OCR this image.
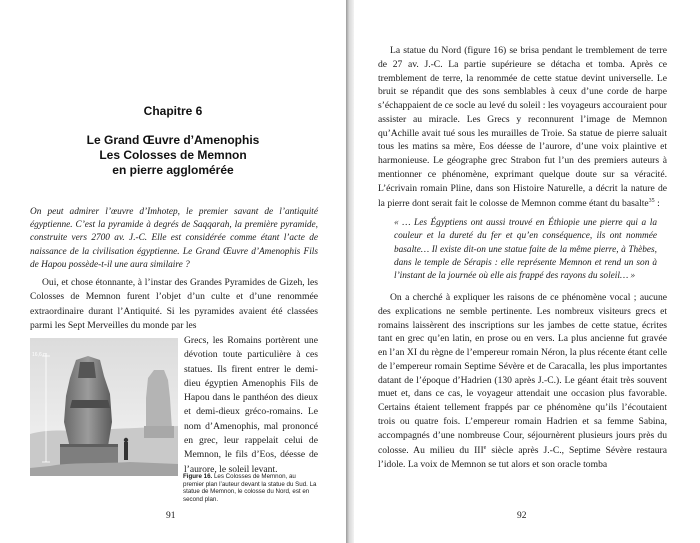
Chapitre 6
Le Grand Œuvre d’Amenophis
Les Colosses de Memnon
en pierre agglomérée
On peut admirer l’œuvre d’Imhotep, le premier savant de l’antiquité égyptienne. C’est la pyramide à degrés de Saqqarah, la première pyramide, construite vers 2700 av. J.-C. Elle est considérée comme étant l’acte de naissance de la civilisation égyptienne. Le Grand Œuvre d’Amenophis Fils de Hapou possède-t-il une aura similaire ?
Oui, et chose étonnante, à l’instar des Grandes Pyramides de Gizeh, les Colosses de Memnon furent l’objet d’un culte et d’une renommée extraordinaire durant l’Antiquité. Si les pyramides avaient été classées parmi les Sept Merveilles du monde par les
16,6 m
Grecs, les Romains portèrent une dévotion toute particulière à ces statues. Ils firent entrer le demi-dieu égyptien Amenophis Fils de Hapou dans le panthéon des dieux et demi-dieux gréco-romains. Le nom d’Amenophis, mal prononcé en grec, leur rappelait celui de Memnon, le fils d’Eos, déesse de l’aurore, le soleil levant.
Figure 16. Les Colosses de Memnon, au premier plan l’auteur devant la statue du Sud. La statue de Memnon, le colosse du Nord, est en second plan.
91

La statue du Nord (figure 16) se brisa pendant le tremblement de terre de 27 av. J.-C. La partie supérieure se détacha et tomba. Après ce tremblement de terre, la renommée de cette statue devint universelle. Le bruit se répandit que des sons semblables à ceux d’une corde de harpe s’échappaient de ce socle au levé du soleil : les voyageurs accouraient pour assister au miracle. Les Grecs y reconnurent l’image de Memnon qu’Achille avait tué sous les murailles de Troie. Sa statue de pierre saluait tous les matins sa mère, Eos déesse de l’aurore, d’une voix plaintive et harmonieuse. Le géographe grec Strabon fut l’un des premiers auteurs à mentionner ce phénomène, exprimant quelque doute sur sa véracité. L’écrivain romain Pline, dans son Histoire Naturelle, a décrit la nature de la pierre dont serait fait le colosse de Memnon comme étant du basalte$^{35}$ :

« … Les Égyptiens ont aussi trouvé en Éthiopie une pierre qui a la couleur et la dureté du fer et qu’en conséquence, ils ont nommée basalte… Il existe dit-on une statue faite de la même pierre, à Thèbes, dans le temple de Sérapis : elle représente Memnon et rend un son à l’instant de la journée où elle ais frappé des rayons du soleil… »

On a cherché à expliquer les raisons de ce phénomène vocal ; aucune des explications ne semble pertinente. Les nombreux visiteurs grecs et romains laissèrent des inscriptions sur les jambes de cette statue, écrites tant en grec qu’en latin, en prose ou en vers. La plus ancienne fut gravée en l’an XI du règne de l’empereur romain Néron, la plus récente étant celle de l’empereur romain Septime Sévère et de Caracalla, les plus importantes datant de l’époque d’Hadrien (130 après J.-C.). Le géant était très souvent muet et, dans ce cas, le voyageur attendait une occasion plus favorable. Certains étaient tellement frappés par ce phénomène qu’ils l’écoutaient trois ou quatre fois. L’empereur romain Hadrien et sa femme Sabina, accompagnés d’une nombreuse Cour, séjournèrent plusieurs jours près du colosse. Au milieu du IIIe siècle après J.-C., Septime Sévère restaura l’idole. La voix de Memnon se tut alors et son oracle tomba

92
